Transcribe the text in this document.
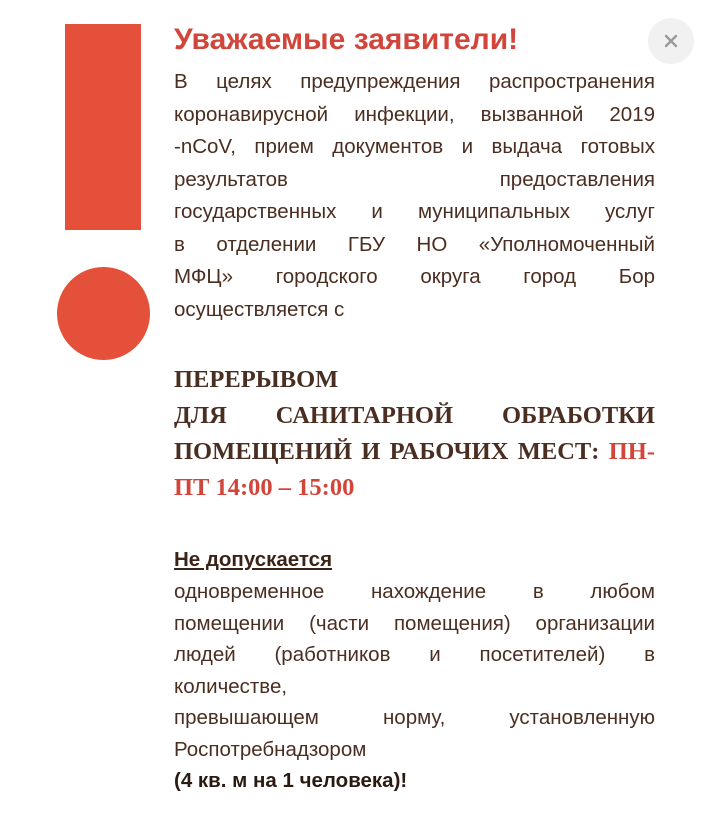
Уважаемые заявители!

В целях предупреждения распространения
коронавирусной инфекции, вызванной 2019
-nCoV, прием документов и выдача готовых
результатов предоставления
государственных и муниципальных услуг
в отделении ГБУ НО «Уполномоченный
МФЦ» городского округа город Бор
осуществляется с

ПЕРЕРЫВОМ
ДЛЯ САНИТАРНОЙ ОБРАБОТКИ
ПОМЕЩЕНИЙ И РАБОЧИХ МЕСТ: ПН-
ПТ 14:00 – 15:00

Не допускается

одновременное нахождение в любом
помещении (части помещения) организации
людей (работников и посетителей) в
количестве,
превышающем норму, установленную
Роспотребнадзором
(4 кв. м на 1 человека)!
